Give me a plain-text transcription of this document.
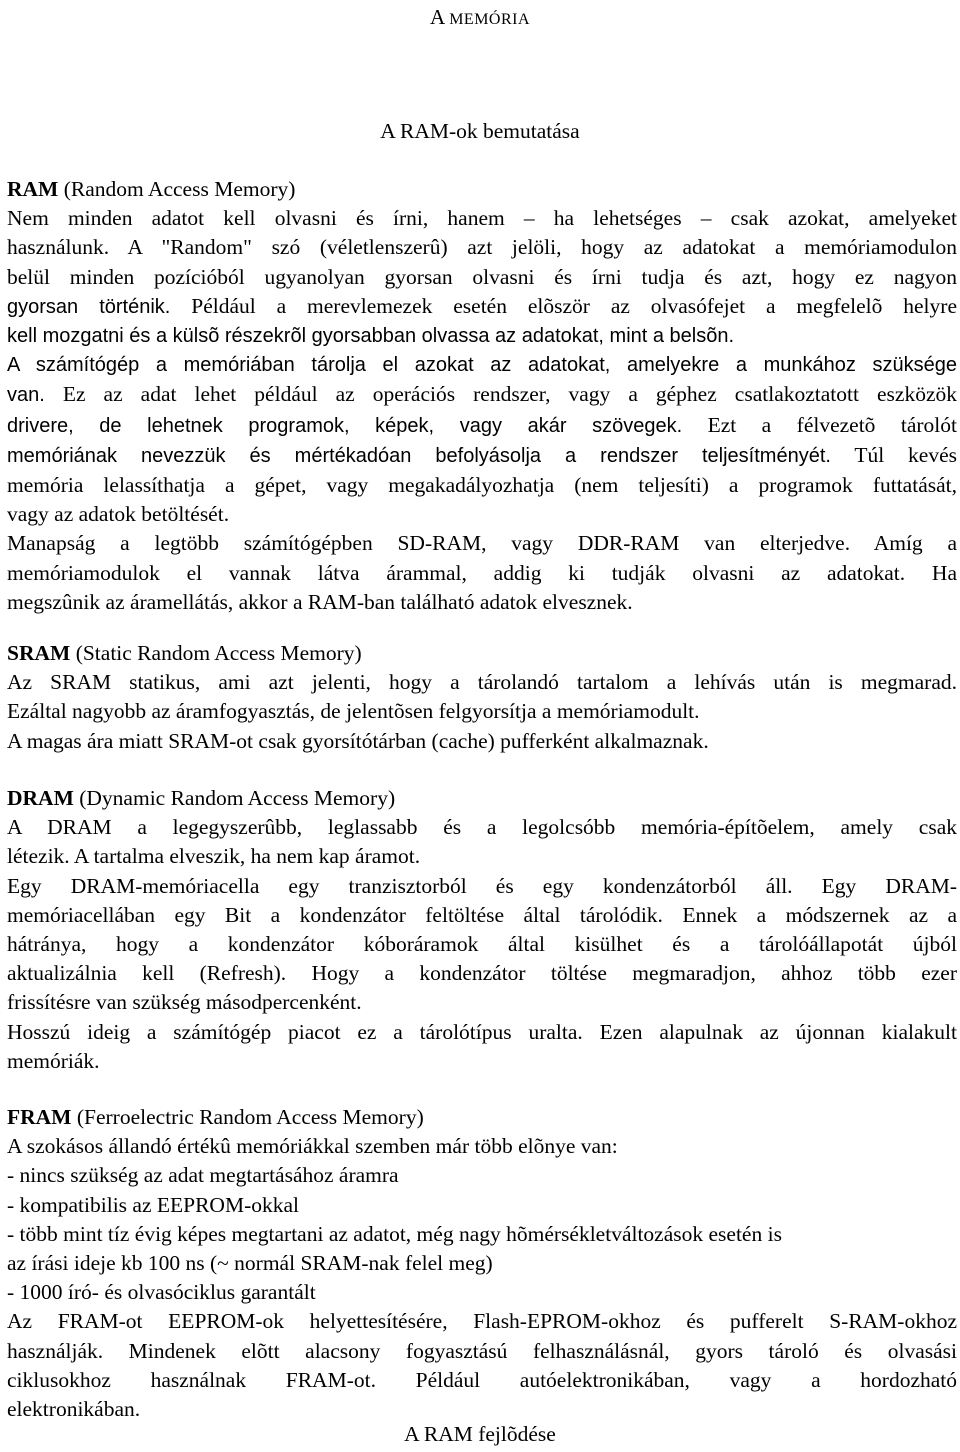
A MEMÓRIA
A RAM-ok bemutatása

RAM (Random Access Memory)

Nem minden adatot kell olvasni és írni, hanem – ha lehetséges – csak azokat, amelyeket

használunk. A "Random" szó (véletlenszerû) azt jelöli, hogy az adatokat a memóriamodulon

belül minden pozícióból ugyanolyan gyorsan olvasni és írni tudja és azt, hogy ez nagyon

gyorsan történik. Például a merevlemezek esetén elõször az olvasófejet a megfelelõ helyre

kell mozgatni és a külsõ részekrõl gyorsabban olvassa az adatokat, mint a belsõn.

A számítógép a memóriában tárolja el azokat az adatokat, amelyekre a munkához szüksége

van. Ez az adat lehet például az operációs rendszer, vagy a géphez csatlakoztatott eszközök

drivere, de lehetnek programok, képek, vagy akár szövegek. Ezt a félvezetõ tárolót

memóriának nevezzük és mértékadóan befolyásolja a rendszer teljesítményét. Túl kevés

memória lelassíthatja a gépet, vagy megakadályozhatja (nem teljesíti) a programok futtatását,

vagy az adatok betöltését.

Manapság a legtöbb számítógépben SD-RAM, vagy DDR-RAM van elterjedve. Amíg a

memóriamodulok el vannak látva árammal, addig ki tudják olvasni az adatokat. Ha

megszûnik az áramellátás, akkor a RAM-ban található adatok elvesznek.

SRAM (Static Random Access Memory)

Az SRAM statikus, ami azt jelenti, hogy a tárolandó tartalom a lehívás után is megmarad.

Ezáltal nagyobb az áramfogyasztás, de jelentõsen felgyorsítja a memóriamodult.

A magas ára miatt SRAM-ot csak gyorsítótárban (cache) pufferként alkalmaznak.

DRAM (Dynamic Random Access Memory)

A DRAM a legegyszerûbb, leglassabb és a legolcsóbb memória-építõelem, amely csak

létezik. A tartalma elveszik, ha nem kap áramot.

Egy DRAM-memóriacella egy tranzisztorból és egy kondenzátorból áll. Egy DRAM-

memóriacellában egy Bit a kondenzátor feltöltése által tárolódik. Ennek a módszernek az a

hátránya, hogy a kondenzátor kóboráramok által kisülhet és a tárolóállapotát újból

aktualizálnia kell (Refresh). Hogy a kondenzátor töltése megmaradjon, ahhoz több ezer

frissítésre van szükség másodpercenként.

Hosszú ideig a számítógép piacot ez a tárolótípus uralta. Ezen alapulnak az újonnan kialakult

memóriák.

FRAM (Ferroelectric Random Access Memory)

A szokásos állandó értékû memóriákkal szemben már több elõnye van:

- nincs szükség az adat megtartásához áramra

- kompatibilis az EEPROM-okkal

- több mint tíz évig képes megtartani az adatot, még nagy hõmérsékletváltozások esetén is

az írási ideje kb 100 ns (~ normál SRAM-nak felel meg)

- 1000 író- és olvasóciklus garantált

Az FRAM-ot EEPROM-ok helyettesítésére, Flash-EPROM-okhoz és pufferelt S-RAM-okhoz

használják. Mindenek elõtt alacsony fogyasztású felhasználásnál, gyors tároló és olvasási

ciklusokhoz használnak FRAM-ot. Például autóelektronikában, vagy a hordozható

elektronikában.

A RAM fejlõdése
